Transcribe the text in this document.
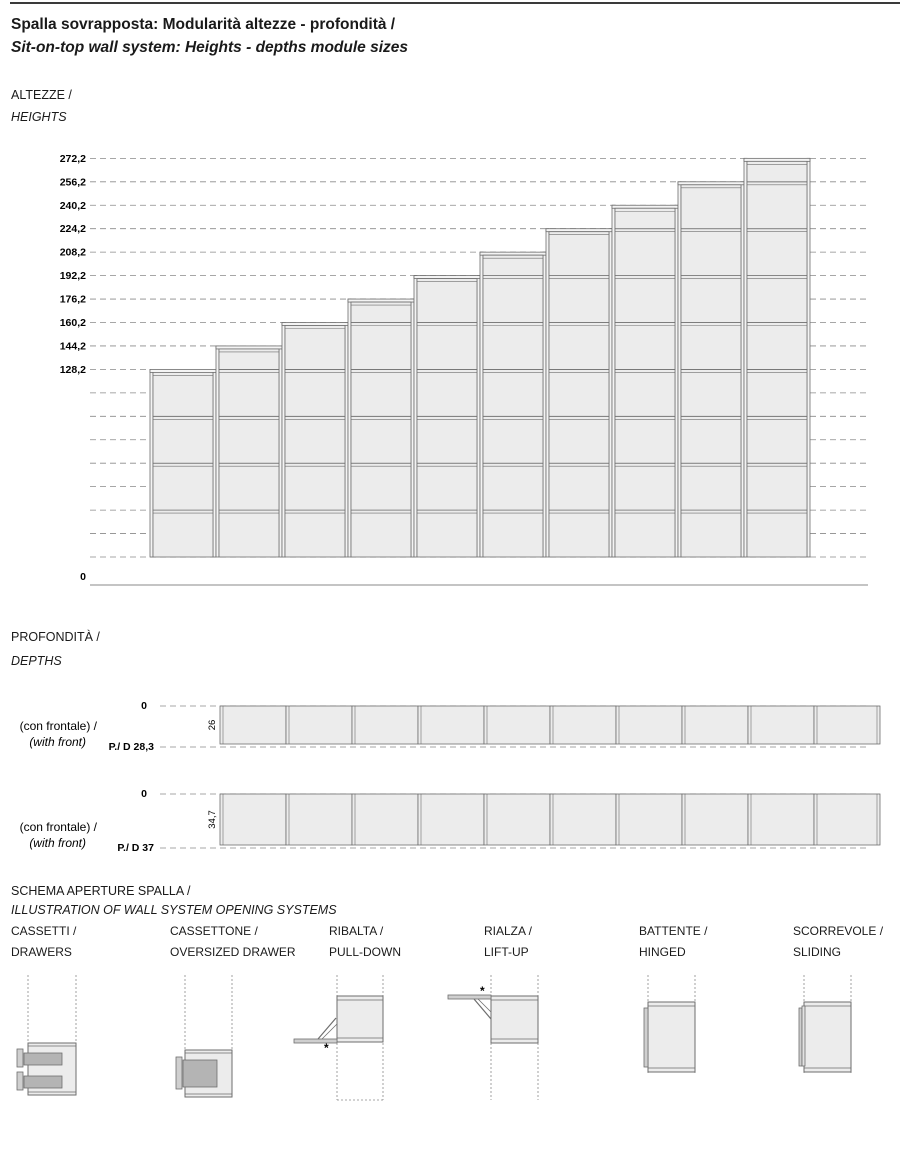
Spalla sovrapposta: Modularità altezze - profondità /
Sit-on-top wall system: Heights - depths module sizes
ALTEZZE /
HEIGHTS
PROFONDITÀ /
DEPTHS
SCHEMA APERTURE SPALLA /
ILLUSTRATION OF WALL SYSTEM OPENING SYSTEMS
CASSETTI /
DRAWERS
CASSETTONE /
OVERSIZED DRAWER
RIBALTA /
PULL-DOWN
RIALZA /
LIFT-UP
BATTENTE /
HINGED
SCORREVOLE /
SLIDING
272,2
256,2
240,2
224,2
208,2
192,2
176,2
160,2
144,2
128,2
0
0
P./ D 28,3
(con frontale) /
(with front)
26
0
P./ D 37
(con frontale) /
(with front)
34,7
*
*
